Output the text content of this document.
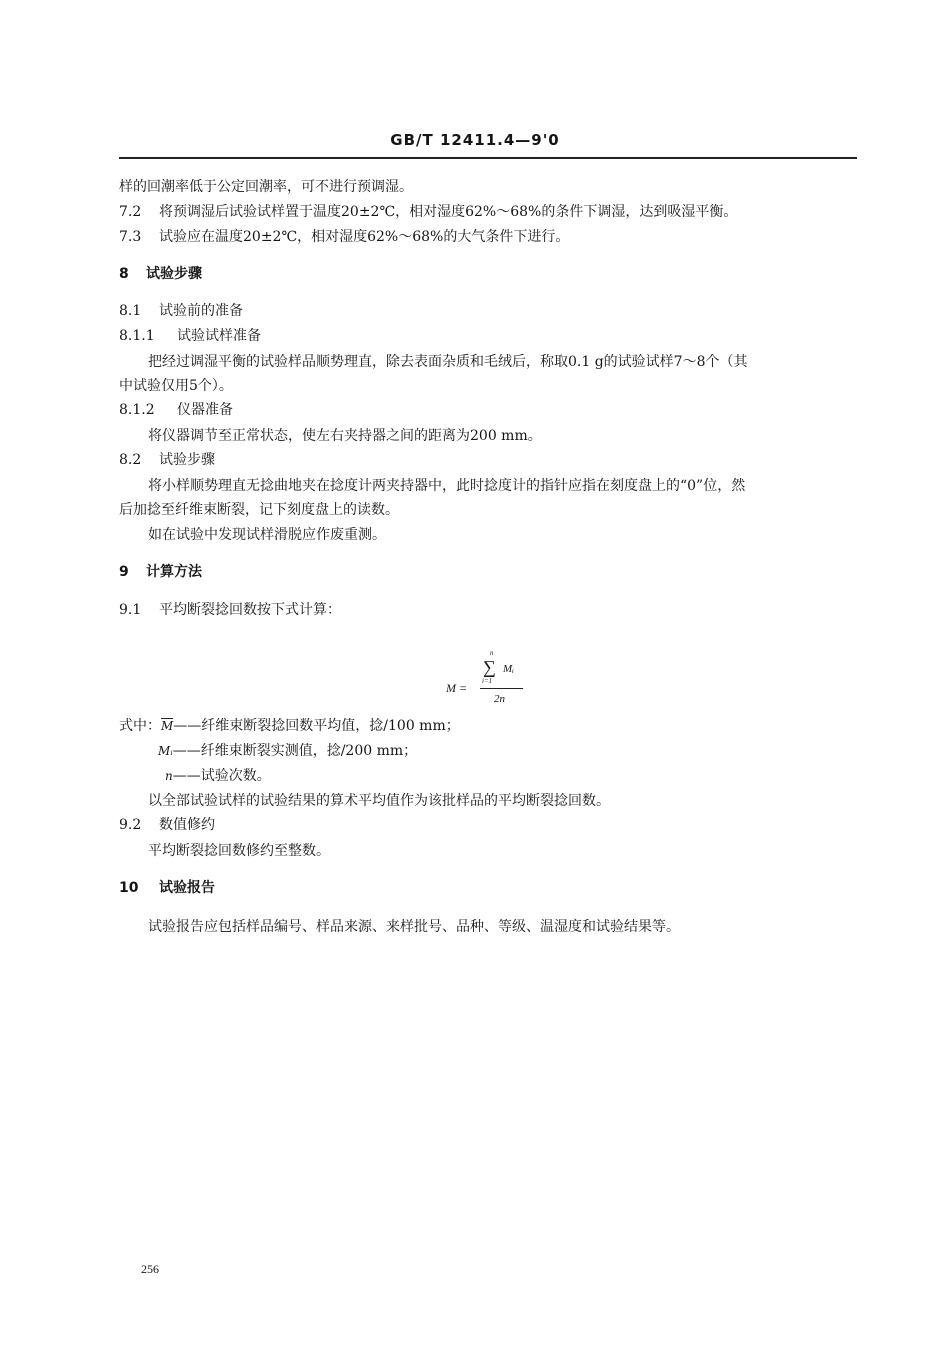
GB/T 12411.4—9'0
样的回潮率低于公定回潮率，可不进行预调湿。
7.2 将预调湿后试验试样置于温度20±2℃，相对湿度62%～68%的条件下调湿，达到吸湿平衡。
7.3 试验应在温度20±2℃，相对湿度62%～68%的大气条件下进行。
8 试验步骤
8.1 试验前的准备
8.1.1 试验试样准备
把经过调湿平衡的试验样品顺势理直，除去表面杂质和毛绒后，称取0.1 g的试验试样7～8个（其
中试验仅用5个）。
8.1.2 仪器准备
将仪器调节至正常状态，使左右夹持器之间的距离为200 mm。
8.2 试验步骤
将小样顺势理直无捻曲地夹在捻度计两夹持器中，此时捻度计的指针应指在刻度盘上的“0”位，然
后加捻至纤维束断裂，记下刻度盘上的读数。
如在试验中发现试样滑脱应作废重测。
9 计算方法
9.1 平均断裂捻回数按下式计算：
M =
n
∑
i=1
Mᵢ
2n
式中：M——纤维束断裂捻回数平均值，捻/100 mm；
Mᵢ——纤维束断裂实测值，捻/200 mm；
n——试验次数。
以全部试验试样的试验结果的算术平均值作为该批样品的平均断裂捻回数。
9.2 数值修约
平均断裂捻回数修约至整数。
10 试验报告
试验报告应包括样品编号、样品来源、来样批号、品种、等级、温湿度和试验结果等。
256
